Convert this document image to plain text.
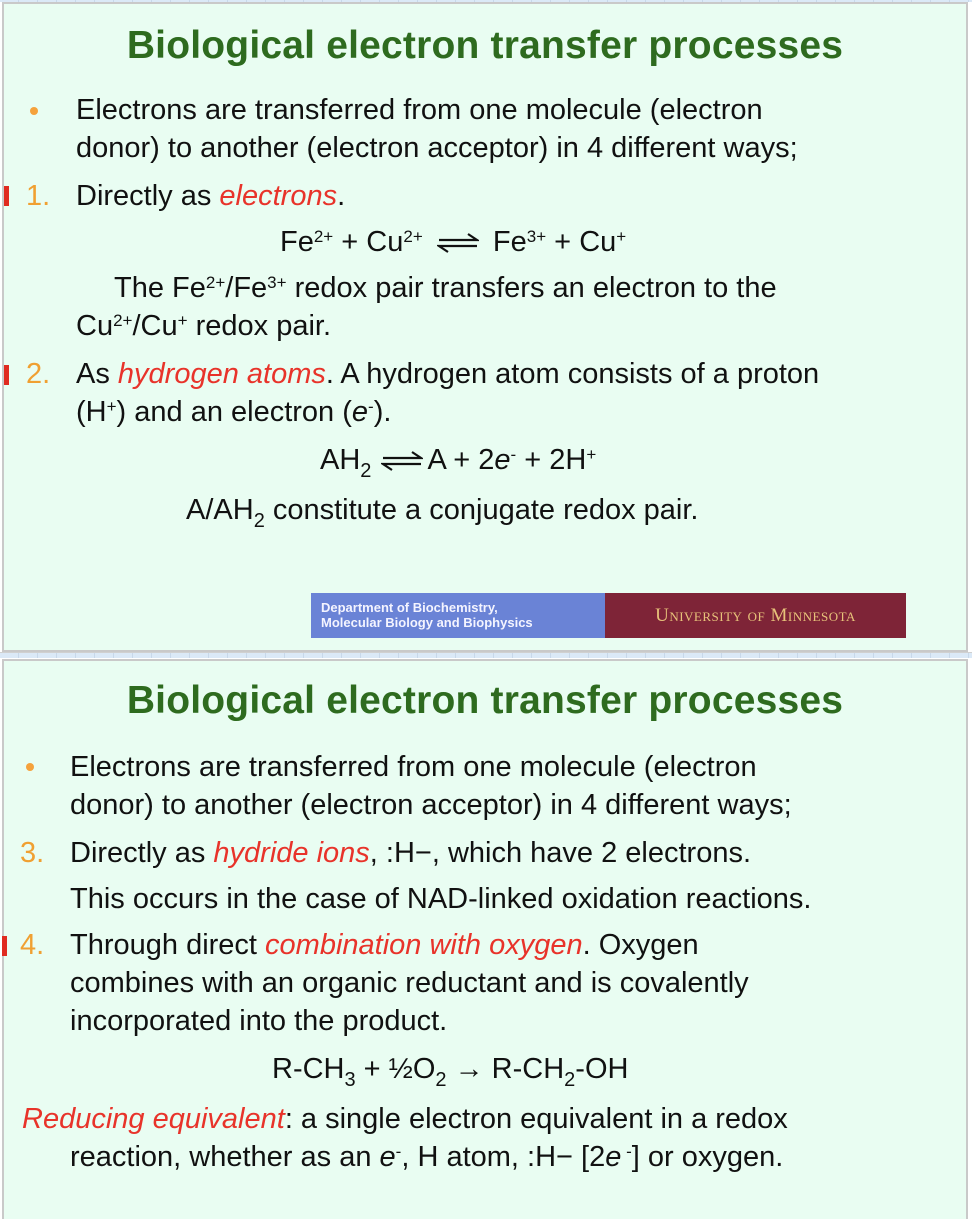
Biological electron transfer processes
Electrons are transferred from one molecule (electron
donor) to another (electron acceptor) in 4 different ways;
1. Directly as electrons.
$Fe^{2+} + Cu^{2+}$ ⇌ $Fe^{3+} + Cu^+$
The $Fe^{2+}/Fe^{3+}$ redox pair transfers an electron to the
$Cu^{2+}/Cu^+$ redox pair.
2. As hydrogen atoms. A hydrogen atom consists of a proton
(H+) and an electron (e-).
$AH_2$ ⇌ A + 2e- + 2H+
$A/AH_2$ constitute a conjugate redox pair.
Department of Biochemistry,
Molecular Biology and Biophysics	University of Minnesota
Biological electron transfer processes
Electrons are transferred from one molecule (electron
donor) to another (electron acceptor) in 4 different ways;
3. Directly as hydride ions, :H−, which have 2 electrons.
This occurs in the case of NAD-linked oxidation reactions.
4. Through direct combination with oxygen. Oxygen
combines with an organic reductant and is covalently
incorporated into the product.
$R-CH_3$ + $\frac{1}{2}O_2 \to R-CH_2-OH$
Reducing equivalent: a single electron equivalent in a redox
reaction, whether as an e-, H atom, :H− [2e -] or oxygen.
